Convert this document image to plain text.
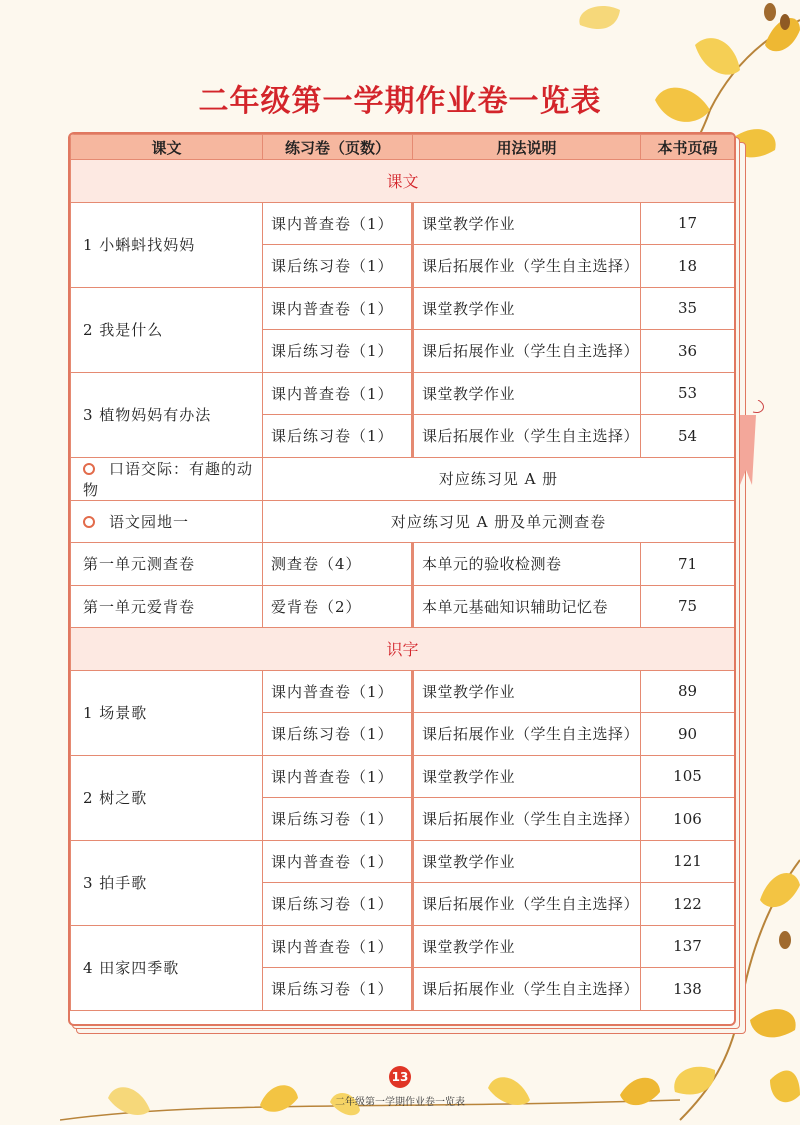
二年级第一学期作业卷一览表
课文	练习卷（页数）	用法说明	本书页码
课文			
1 小蝌蚪找妈妈	课内普查卷（1）	课堂教学作业	17
	课后练习卷（1）	课后拓展作业（学生自主选择）	18
2 我是什么	课内普查卷（1）	课堂教学作业	35
	课后练习卷（1）	课后拓展作业（学生自主选择）	36
3 植物妈妈有办法	课内普查卷（1）	课堂教学作业	53
	课后练习卷（1）	课后拓展作业（学生自主选择）	54
口语交际：有趣的动物	对应练习见 A 册		
语文园地一	对应练习见 A 册及单元测查卷		
第一单元测查卷	测查卷（4）	本单元的验收检测卷	71
第一单元爱背卷	爱背卷（2）	本单元基础知识辅助记忆卷	75
识字			
1 场景歌	课内普查卷（1）	课堂教学作业	89
	课后练习卷（1）	课后拓展作业（学生自主选择）	90
2 树之歌	课内普查卷（1）	课堂教学作业	105
	课后练习卷（1）	课后拓展作业（学生自主选择）	106
3 拍手歌	课内普查卷（1）	课堂教学作业	121
	课后练习卷（1）	课后拓展作业（学生自主选择）	122
4 田家四季歌	课内普查卷（1）	课堂教学作业	137
	课后练习卷（1）	课后拓展作业（学生自主选择）	138
13
二年级第一学期作业卷一览表
